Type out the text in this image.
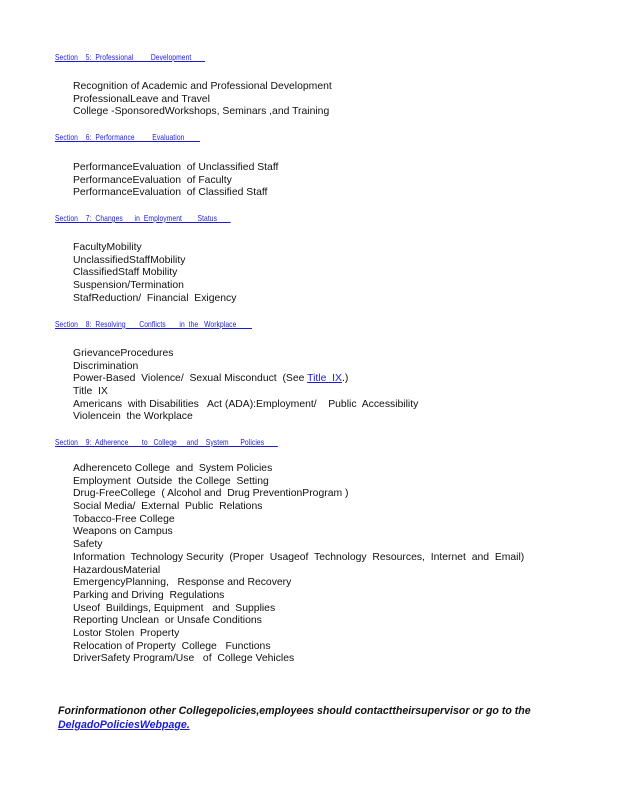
Section    5:  Professional         Development
Recognition of Academic and Professional Development
ProfessionalLeave and Travel
College -SponsoredWorkshops, Seminars ,and Training
Section    6:  Performance         Evaluation
PerformanceEvaluation  of Unclassified Staff
PerformanceEvaluation  of Faculty
PerformanceEvaluation  of Classified Staff
Section    7:  Changes      in  Employment        Status
FacultyMobility
UnclassifiedStaffMobility
ClassifiedStaff Mobility
Suspension/Termination
StafReduction/  Financial  Exigency
Section    8:  Resolving       Conflicts       in  the   Workplace
GrievanceProcedures
Discrimination
Power-Based  Violence/  Sexual Misconduct  (See Title  IX.)
Title  IX
Americans  with Disabilities   Act (ADA):Employment/    Public  Accessibility
Violencein  the Workplace
Section    9:  Adherence       to   College     and    System      Policies
Adherenceto College  and  System Policies
Employment  Outside  the College  Setting
Drug-FreeCollege  ( Alcohol and  Drug PreventionProgram )
Social Media/  External  Public  Relations
Tobacco-Free College
Weapons on Campus
Safety
Information  Technology Security  (Proper  Usageof  Technology  Resources,  Internet  and  Email)
HazardousMaterial
EmergencyPlanning,   Response and Recovery
Parking and Driving  Regulations
Useof  Buildings, Equipment   and  Supplies
Reporting Unclean  or Unsafe Conditions
Lostor Stolen  Property
Relocation of Property  College   Functions
DriverSafety Program/Use   of  College Vehicles
Forinformationon other Collegepolicies,employees should contacttheirsupervisor or go to the
DelgadoPoliciesWebpage.
